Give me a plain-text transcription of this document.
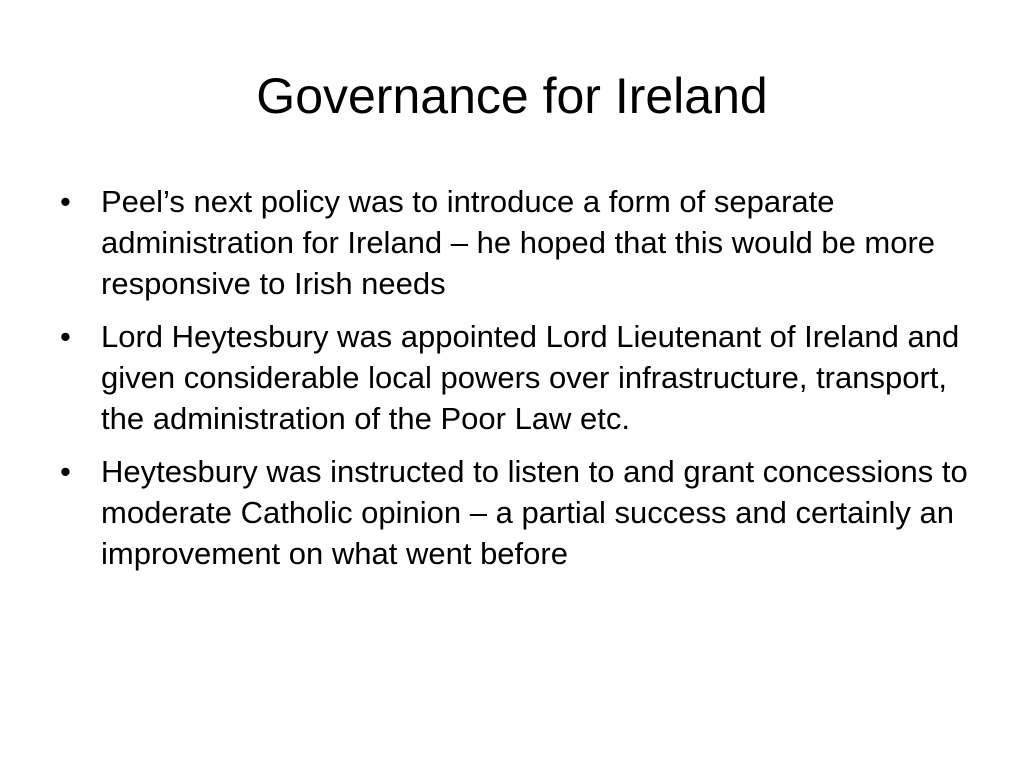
Governance for Ireland
• Peel’s next policy was to introduce a form of separate administration for Ireland – he hoped that this would be more responsive to Irish needs
• Lord Heytesbury was appointed Lord Lieutenant of Ireland and given considerable local powers over infrastructure, transport, the administration of the Poor Law etc.
• Heytesbury was instructed to listen to and grant concessions to moderate Catholic opinion – a partial success and certainly an improvement on what went before
